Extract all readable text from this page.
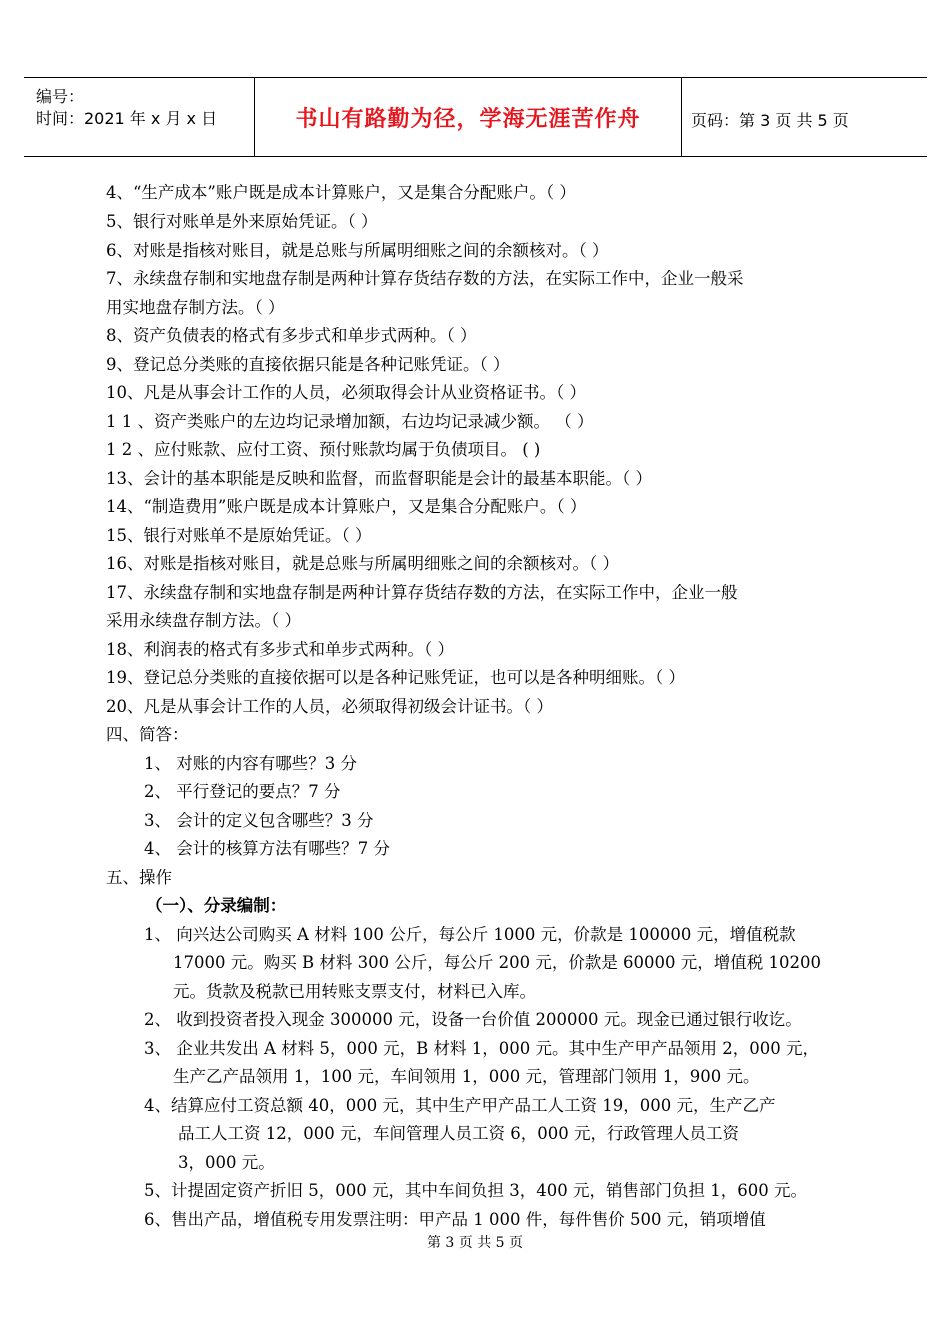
编号：
时间：2021 年 x 月 x 日	书山有路勤为径，学海无涯苦作舟	页码：第 3 页 共 5 页
4、“生产成本”账户既是成本计算账户，又是集合分配账户。（ ）
5、银行对账单是外来原始凭证。（ ）
6、对账是指核对账目，就是总账与所属明细账之间的余额核对。（ ）
7、永续盘存制和实地盘存制是两种计算存货结存数的方法，在实际工作中，企业一般采
用实地盘存制方法。（ ）
8、资产负债表的格式有多步式和单步式两种。（ ）
9、登记总分类账的直接依据只能是各种记账凭证。（ ）
10、凡是从事会计工作的人员，必须取得会计从业资格证书。（ ）
1 1 、资产类账户的左边均记录增加额，右边均记录减少额。 （ ）
1 2 、应付账款、应付工资、预付账款均属于负债项目。 ( )
13、会计的基本职能是反映和监督，而监督职能是会计的最基本职能。（ ）
14、“制造费用”账户既是成本计算账户，又是集合分配账户。（ ）
15、银行对账单不是原始凭证。（ ）
16、对账是指核对账目，就是总账与所属明细账之间的余额核对。（ ）
17、永续盘存制和实地盘存制是两种计算存货结存数的方法，在实际工作中，企业一般
采用永续盘存制方法。（ ）
18、利润表的格式有多步式和单步式两种。（ ）
19、登记总分类账的直接依据可以是各种记账凭证，也可以是各种明细账。（ ）
20、凡是从事会计工作的人员，必须取得初级会计证书。（ ）
四、简答：
1、 对账的内容有哪些？3 分
2、 平行登记的要点？7 分
3、 会计的定义包含哪些？3 分
4、 会计的核算方法有哪些？7 分
五、操作
（一）、分录编制：
1、 向兴达公司购买 A 材料 100 公斤，每公斤 1000 元，价款是 100000 元，增值税款
17000 元。购买 B 材料 300 公斤，每公斤 200 元，价款是 60000 元，增值税 10200
元。货款及税款已用转账支票支付，材料已入库。
2、 收到投资者投入现金 300000 元，设备一台价值 200000 元。现金已通过银行收讫。
3、 企业共发出 A 材料 5，000 元，B 材料 1，000 元。其中生产甲产品领用 2，000 元，
生产乙产品领用 1，100 元，车间领用 1，000 元，管理部门领用 1，900 元。
4、结算应付工资总额 40，000 元，其中生产甲产品工人工资 19，000 元，生产乙产
品工人工资 12，000 元，车间管理人员工资 6，000 元，行政管理人员工资
3，000 元。
5、计提固定资产折旧 5，000 元，其中车间负担 3，400 元，销售部门负担 1，600 元。
6、售出产品，增值税专用发票注明：甲产品 1 000 件，每件售价 500 元，销项增值
第 3 页 共 5 页
